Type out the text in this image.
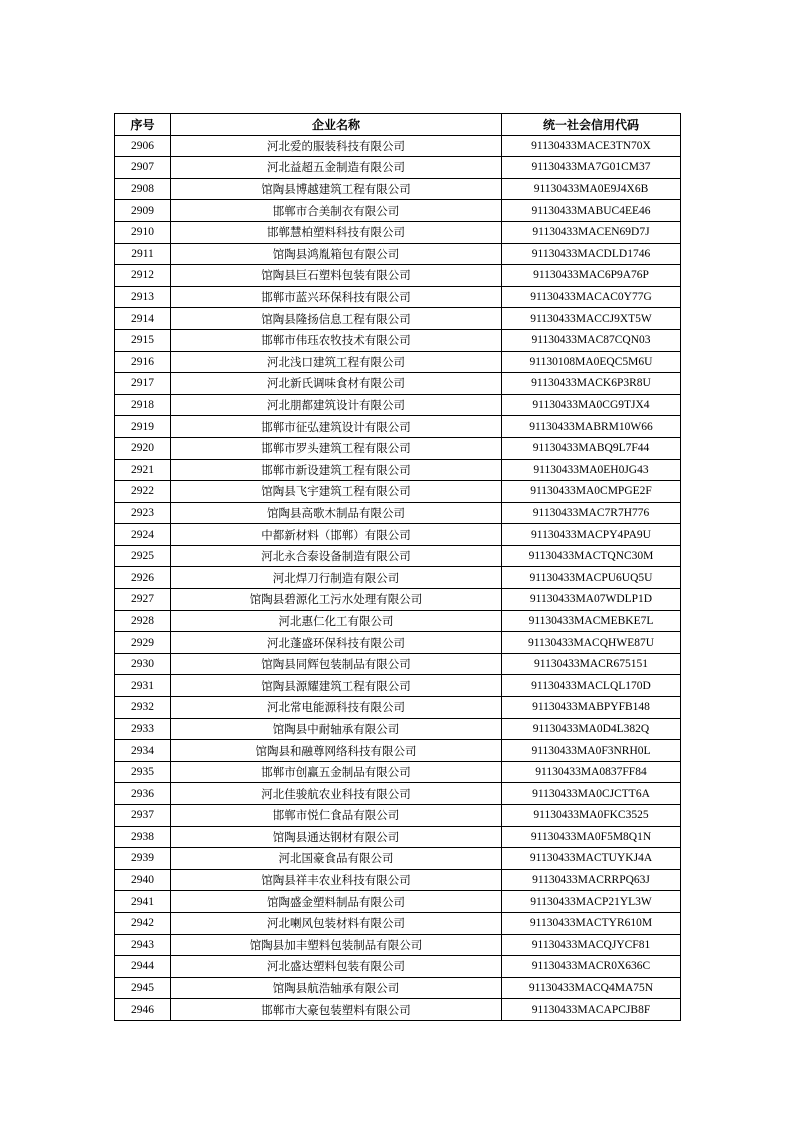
序号	企业名称	统一社会信用代码
2906	河北爱的服装科技有限公司	91130433MACE3TN70X
2907	河北益超五金制造有限公司	91130433MA7G01CM37
2908	馆陶县博越建筑工程有限公司	91130433MA0E9J4X6B
2909	邯郸市合美制衣有限公司	91130433MABUC4EE46
2910	邯郸慧柏塑料科技有限公司	91130433MACEN69D7J
2911	馆陶县鸿胤箱包有限公司	91130433MACDLD1746
2912	馆陶县巨石塑料包装有限公司	91130433MAC6P9A76P
2913	邯郸市蓝兴环保科技有限公司	91130433MACAC0Y77G
2914	馆陶县隆扬信息工程有限公司	91130433MACCJ9XT5W
2915	邯郸市伟珏农牧技术有限公司	91130433MAC87CQN03
2916	河北浅口建筑工程有限公司	91130108MA0EQC5M6U
2917	河北新氏调味食材有限公司	91130433MACK6P3R8U
2918	河北朋都建筑设计有限公司	91130433MA0CG9TJX4
2919	邯郸市征弘建筑设计有限公司	91130433MABRM10W66
2920	邯郸市罗头建筑工程有限公司	91130433MABQ9L7F44
2921	邯郸市新设建筑工程有限公司	91130433MA0EH0JG43
2922	馆陶县飞宇建筑工程有限公司	91130433MA0CMPGE2F
2923	馆陶县高歌木制品有限公司	91130433MAC7R7H776
2924	中都新材料（邯郸）有限公司	91130433MACPY4PA9U
2925	河北永合泰设备制造有限公司	91130433MACTQNC30M
2926	河北焊刀行制造有限公司	91130433MACPU6UQ5U
2927	馆陶县碧源化工污水处理有限公司	91130433MA07WDLP1D
2928	河北惠仁化工有限公司	91130433MACMEBKE7L
2929	河北蓬盛环保科技有限公司	91130433MACQHWE87U
2930	馆陶县同辉包装制品有限公司	91130433MACR675151
2931	馆陶县源耀建筑工程有限公司	91130433MACLQL170D
2932	河北常电能源科技有限公司	91130433MABPYFB148
2933	馆陶县中耐轴承有限公司	91130433MA0D4L382Q
2934	馆陶县和融尊网络科技有限公司	91130433MA0F3NRH0L
2935	邯郸市创赢五金制品有限公司	91130433MA0837FF84
2936	河北佳骏航农业科技有限公司	91130433MA0CJCTT6A
2937	邯郸市悦仁食品有限公司	91130433MA0FKC3525
2938	馆陶县通达钢材有限公司	91130433MA0F5M8Q1N
2939	河北国豪食品有限公司	91130433MACTUYKJ4A
2940	馆陶县祥丰农业科技有限公司	91130433MACRRPQ63J
2941	馆陶盛金塑料制品有限公司	91130433MACP21YL3W
2942	河北喇风包装材料有限公司	91130433MACTYR610M
2943	馆陶县加丰塑料包装制品有限公司	91130433MACQJYCF81
2944	河北盛达塑料包装有限公司	91130433MACR0X636C
2945	馆陶县航浩轴承有限公司	91130433MACQ4MA75N
2946	邯郸市大豪包装塑料有限公司	91130433MACAPCJB8F
